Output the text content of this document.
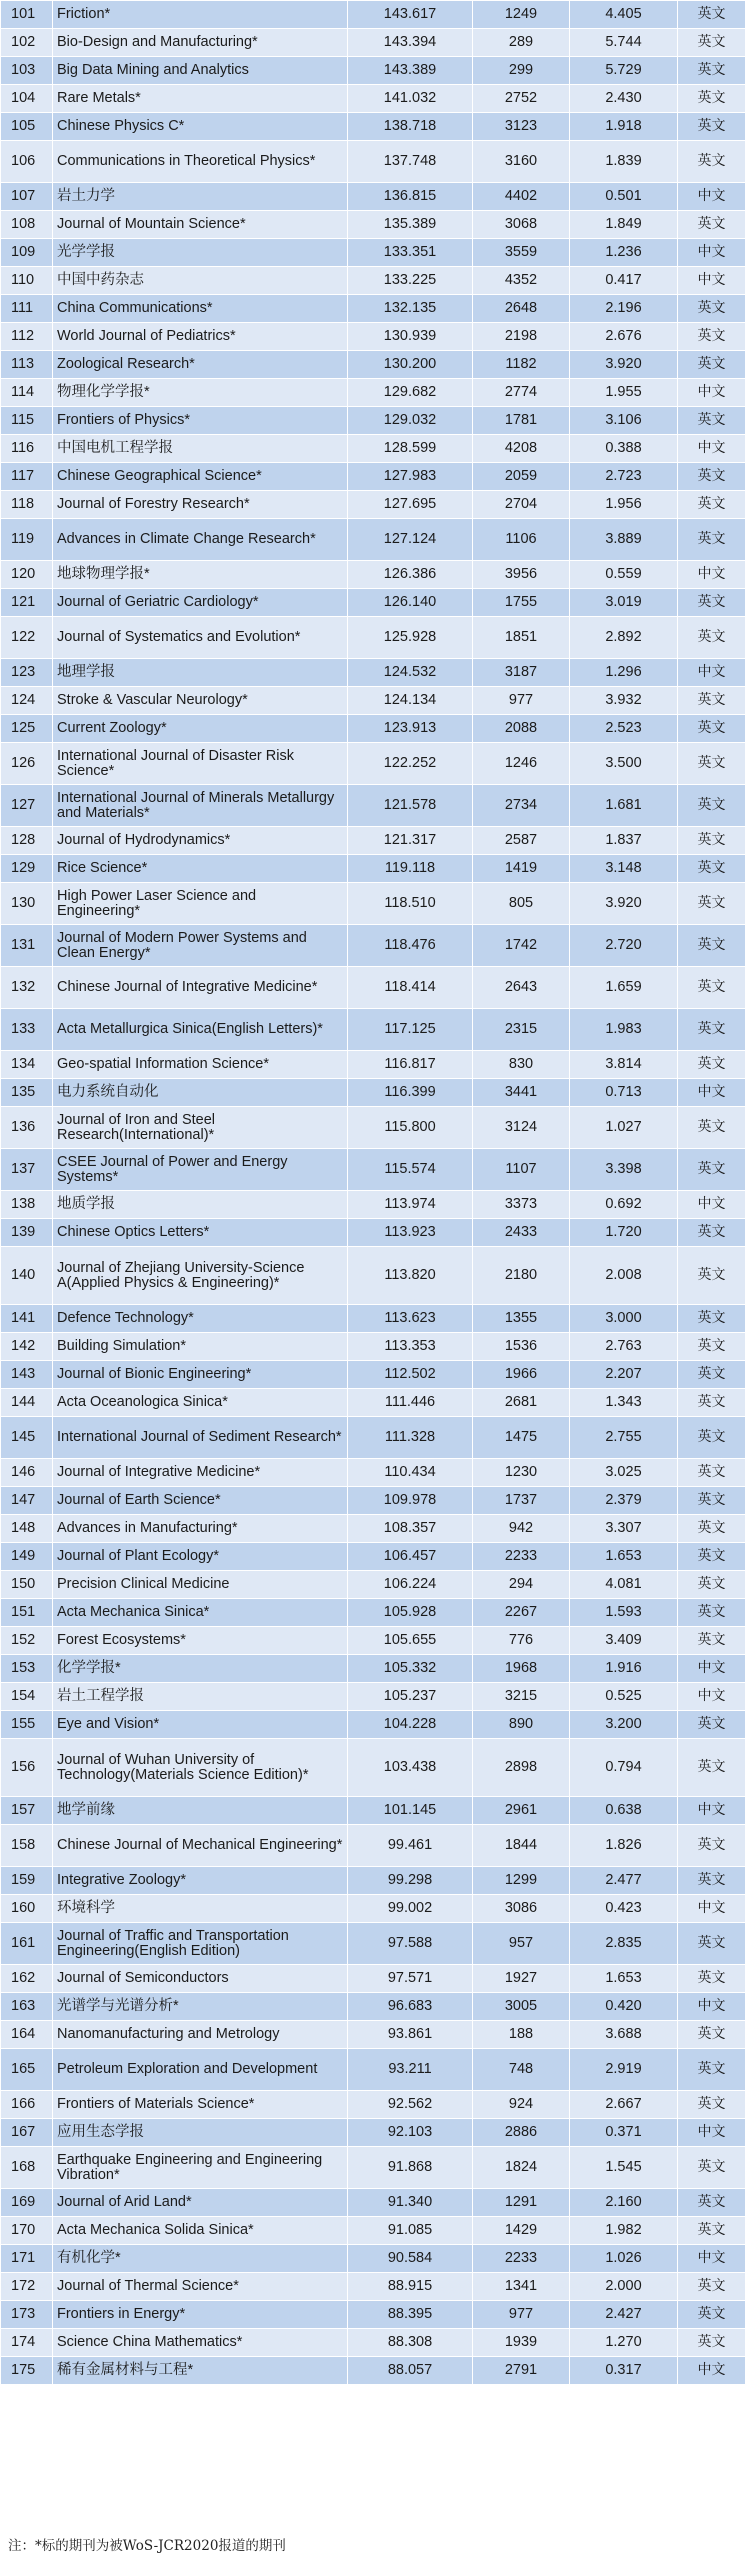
101	Friction*	143.617	1249	4.405	英文
102	Bio-Design and Manufacturing*	143.394	289	5.744	英文
103	Big Data Mining and Analytics	143.389	299	5.729	英文
104	Rare Metals*	141.032	2752	2.430	英文
105	Chinese Physics C*	138.718	3123	1.918	英文
106	Communications in Theoretical Physics*	137.748	3160	1.839	英文
107	岩土力学	136.815	4402	0.501	中文
108	Journal of Mountain Science*	135.389	3068	1.849	英文
109	光学学报	133.351	3559	1.236	中文
110	中国中药杂志	133.225	4352	0.417	中文
111	China Communications*	132.135	2648	2.196	英文
112	World Journal of Pediatrics*	130.939	2198	2.676	英文
113	Zoological Research*	130.200	1182	3.920	英文
114	物理化学学报*	129.682	2774	1.955	中文
115	Frontiers of Physics*	129.032	1781	3.106	英文
116	中国电机工程学报	128.599	4208	0.388	中文
117	Chinese Geographical Science*	127.983	2059	2.723	英文
118	Journal of Forestry Research*	127.695	2704	1.956	英文
119	Advances in Climate Change Research*	127.124	1106	3.889	英文
120	地球物理学报*	126.386	3956	0.559	中文
121	Journal of Geriatric Cardiology*	126.140	1755	3.019	英文
122	Journal of Systematics and Evolution*	125.928	1851	2.892	英文
123	地理学报	124.532	3187	1.296	中文
124	Stroke & Vascular Neurology*	124.134	977	3.932	英文
125	Current Zoology*	123.913	2088	2.523	英文
126	International Journal of Disaster Risk Science*	122.252	1246	3.500	英文
127	International Journal of Minerals Metallurgy and Materials*	121.578	2734	1.681	英文
128	Journal of Hydrodynamics*	121.317	2587	1.837	英文
129	Rice Science*	119.118	1419	3.148	英文
130	High Power Laser Science and Engineering*	118.510	805	3.920	英文
131	Journal of Modern Power Systems and Clean Energy*	118.476	1742	2.720	英文
132	Chinese Journal of Integrative Medicine*	118.414	2643	1.659	英文
133	Acta Metallurgica Sinica(English Letters)*	117.125	2315	1.983	英文
134	Geo-spatial Information Science*	116.817	830	3.814	英文
135	电力系统自动化	116.399	3441	0.713	中文
136	Journal of Iron and Steel Research(International)*	115.800	3124	1.027	英文
137	CSEE Journal of Power and Energy Systems*	115.574	1107	3.398	英文
138	地质学报	113.974	3373	0.692	中文
139	Chinese Optics Letters*	113.923	2433	1.720	英文
140	Journal of Zhejiang University-Science A(Applied Physics & Engineering)*	113.820	2180	2.008	英文
141	Defence Technology*	113.623	1355	3.000	英文
142	Building Simulation*	113.353	1536	2.763	英文
143	Journal of Bionic Engineering*	112.502	1966	2.207	英文
144	Acta Oceanologica Sinica*	111.446	2681	1.343	英文
145	International Journal of Sediment Research*	111.328	1475	2.755	英文
146	Journal of Integrative Medicine*	110.434	1230	3.025	英文
147	Journal of Earth Science*	109.978	1737	2.379	英文
148	Advances in Manufacturing*	108.357	942	3.307	英文
149	Journal of Plant Ecology*	106.457	2233	1.653	英文
150	Precision Clinical Medicine	106.224	294	4.081	英文
151	Acta Mechanica Sinica*	105.928	2267	1.593	英文
152	Forest Ecosystems*	105.655	776	3.409	英文
153	化学学报*	105.332	1968	1.916	中文
154	岩土工程学报	105.237	3215	0.525	中文
155	Eye and Vision*	104.228	890	3.200	英文
156	Journal of Wuhan University of Technology(Materials Science Edition)*	103.438	2898	0.794	英文
157	地学前缘	101.145	2961	0.638	中文
158	Chinese Journal of Mechanical Engineering*	99.461	1844	1.826	英文
159	Integrative Zoology*	99.298	1299	2.477	英文
160	环境科学	99.002	3086	0.423	中文
161	Journal of Traffic and Transportation Engineering(English Edition)	97.588	957	2.835	英文
162	Journal of Semiconductors	97.571	1927	1.653	英文
163	光谱学与光谱分析*	96.683	3005	0.420	中文
164	Nanomanufacturing and Metrology	93.861	188	3.688	英文
165	Petroleum Exploration and Development	93.211	748	2.919	英文
166	Frontiers of Materials Science*	92.562	924	2.667	英文
167	应用生态学报	92.103	2886	0.371	中文
168	Earthquake Engineering and Engineering Vibration*	91.868	1824	1.545	英文
169	Journal of Arid Land*	91.340	1291	2.160	英文
170	Acta Mechanica Solida Sinica*	91.085	1429	1.982	英文
171	有机化学*	90.584	2233	1.026	中文
172	Journal of Thermal Science*	88.915	1341	2.000	英文
173	Frontiers in Energy*	88.395	977	2.427	英文
174	Science China Mathematics*	88.308	1939	1.270	英文
175	稀有金属材料与工程*	88.057	2791	0.317	中文
注：*标的期刊为被WoS-JCR2020报道的期刊
